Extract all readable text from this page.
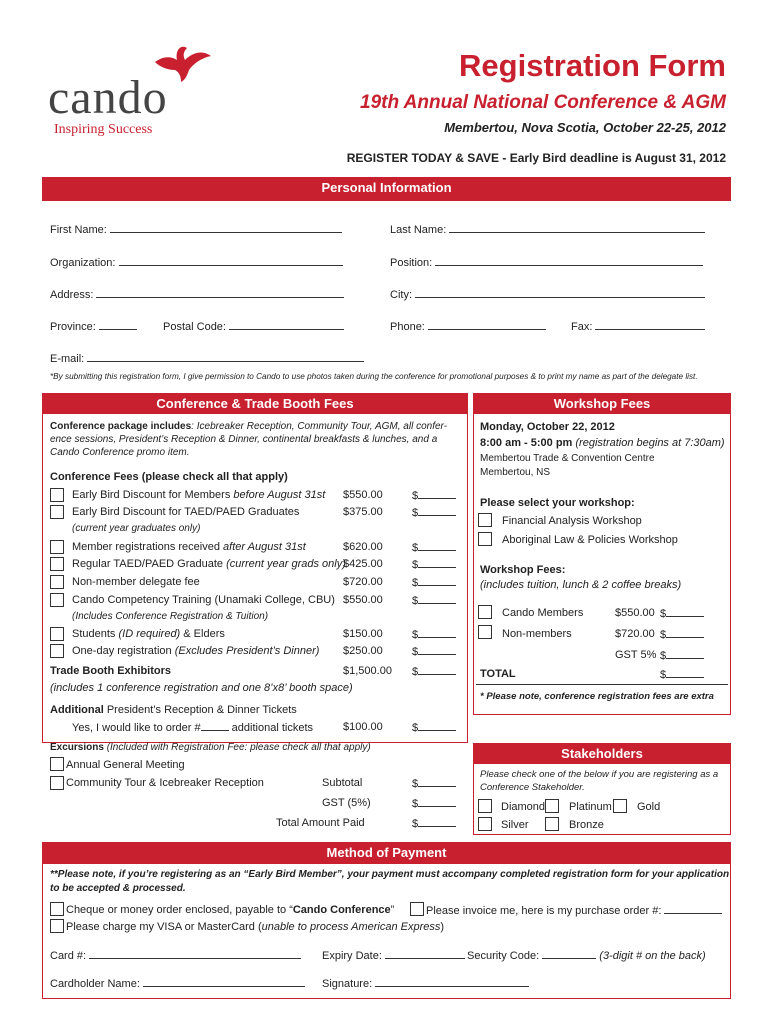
cando
Inspiring Success
Registration Form
19th Annual National Conference & AGM
Membertou, Nova Scotia, October 22-25, 2012
REGISTER TODAY & SAVE - Early Bird deadline is August 31, 2012
Personal Information
First Name:	Last Name:
Organization:	Position:
Address:	City:
Province:	Postal Code:	Phone:	Fax:
E-mail:
*By submitting this registration form, I give permission to Cando to use photos taken during the conference for promotional purposes & to print my name as part of the delegate list.
Conference & Trade Booth Fees
Conference package includes: Icebreaker Reception, Community Tour, AGM, all confer-
ence sessions, President’s Reception & Dinner, continental breakfasts & lunches, and a
Cando Conference promo item.
Conference Fees (please check all that apply)
Early Bird Discount for Members before August 31st $550.00	$
Early Bird Discount for TAED/PAED Graduates	$375.00	$
(current year graduates only)
Member registrations received after August 31st	$620.00	$
Regular TAED/PAED Graduate (current year grads only)
$425.00	$
Non-member delegate fee	$720.00	$
Cando Competency Training (Unamaki College, CBU) $550.00	$
(Includes Conference Registration & Tuition)
Students (ID required) & Elders	$150.00	$
One-day registration (Excludes President’s Dinner) $250.00	$
Trade Booth Exhibitors	$1,500.00 $
(includes 1 conference registration and one 8’x8’ booth space)
Additional President’s Reception & Dinner Tickets
Yes, I would like to order #	additional tickets	$100.00	$
Excursions (Included with Registration Fee: please check all that apply)
Annual General Meeting
Community Tour & Icebreaker Reception	Subtotal	$
GST (5%)	$
Total Amount Paid	$
Workshop Fees
Monday, October 22, 2012
8:00 am - 5:00 pm (registration begins at 7:30am)
Membertou Trade & Convention Centre
Membertou, NS
Please select your workshop:
Financial Analysis Workshop
Aboriginal Law & Policies Workshop
Workshop Fees:
(includes tuition, lunch & 2 coffee breaks)
Cando Members	$550.00 $
Non-members	$720.00 $
GST 5% $
TOTAL	$
* Please note, conference registration fees are extra
Stakeholders
Please check one of the below if you are registering as a
Conference Stakeholder.
Diamond Platinum Gold
Silver	Bronze
Method of Payment
**Please note, if you’re registering as an “Early Bird Member”, your payment must accompany completed registration form for your application
to be accepted & processed.
Cheque or money order enclosed, payable to “Cando Conference”	Please invoice me, here is my purchase order #:
Please charge my VISA or MasterCard (unable to process American Express)
Card #:	Expiry Date:	Security Code:	(3-digit # on the back)
Cardholder Name:	Signature:
